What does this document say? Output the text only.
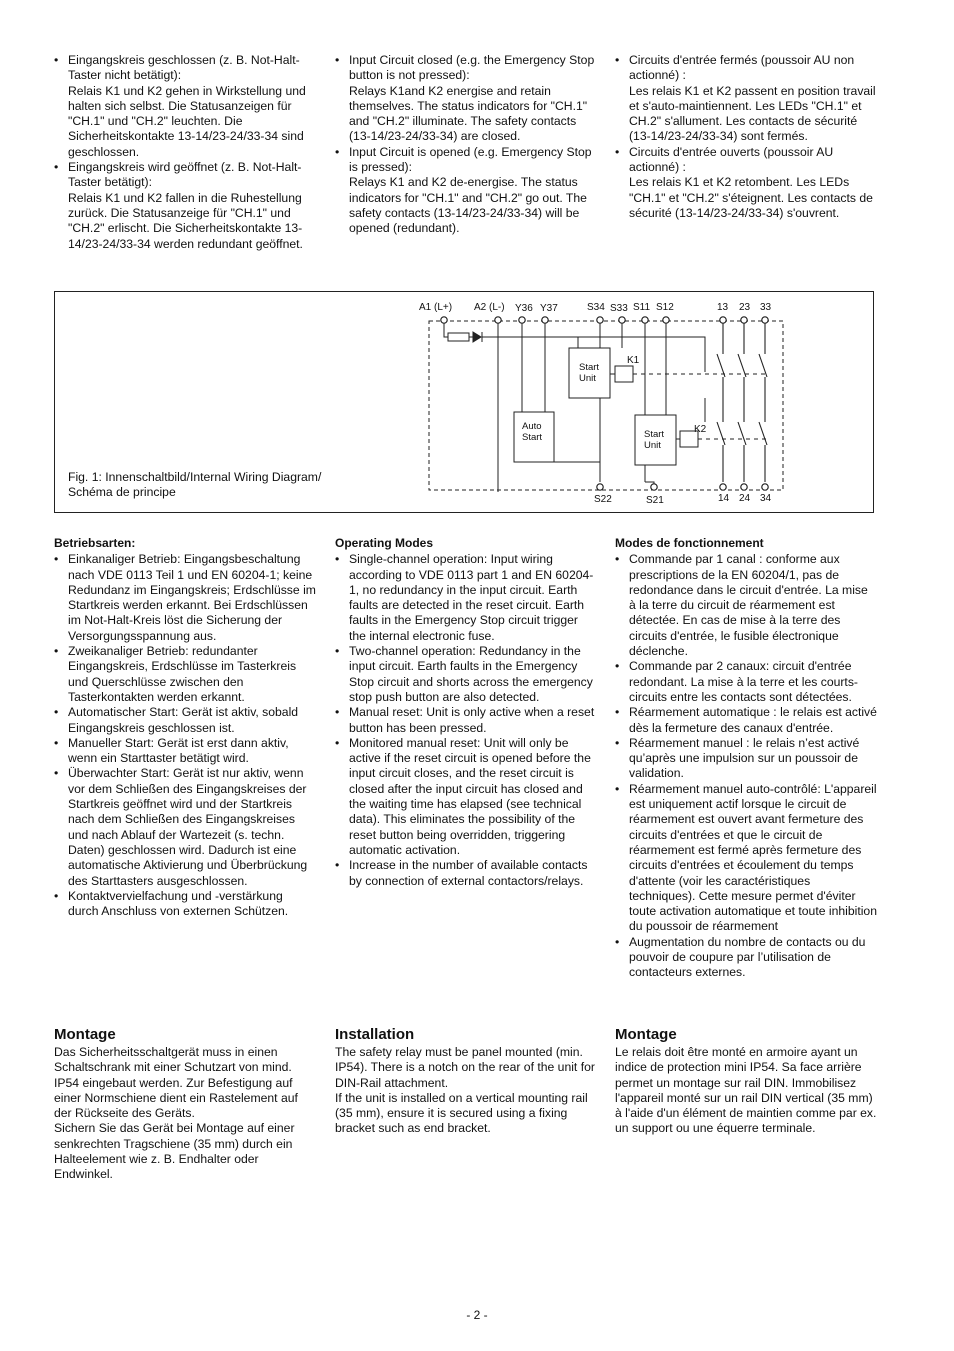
• Eingangskreis geschlossen (z. B. Not-Halt-Taster nicht betätigt):
Relais K1 und K2 gehen in Wirkstellung und halten sich selbst. Die Statusanzeigen für "CH.1" und "CH.2" leuchten. Die Sicherheitskontakte 13-14/23-24/33-34 sind geschlossen.
• Eingangskreis wird geöffnet (z. B. Not-Halt-Taster betätigt):
Relais K1 und K2 fallen in die Ruhestellung zurück. Die Statusanzeige für "CH.1" und "CH.2" erlischt. Die Sicherheitskontakte 13-14/23-24/33-34 werden redundant geöffnet.
• Input Circuit closed (e.g. the Emergency Stop button is not pressed):
Relays K1and K2 energise and retain themselves. The status indicators for "CH.1" and "CH.2" illuminate. The safety contacts (13-14/23-24/33-34) are closed.
• Input Circuit is opened (e.g. Emergency Stop is pressed):
Relays K1 and K2 de-energise. The status indicators for "CH.1" and "CH.2" go out. The safety contacts (13-14/23-24/33-34) will be opened (redundant).
• Circuits d'entrée fermés (poussoir AU non actionné) :
Les relais K1 et K2 passent en position travail et s'auto-maintiennent. Les LEDs "CH.1" et CH.2" s'allument. Les contacts de sécurité (13-14/23-24/33-34) sont fermés.
• Circuits d'entrée ouverts (poussoir AU actionné) :
Les relais K1 et K2 retombent. Les LEDs "CH.1" et "CH.2" s'éteignent. Les contacts de sécurité (13-14/23-24/33-34) s'ouvrent.
Fig. 1: Innenschaltbild/Internal Wiring Diagram/
Schéma de principe
A1 (L+) A2 (L-) Y36 Y37	S34 S33 S11 S12	13 23 33
Start
Unit
K1
Auto
Start	Start
Unit
K2
S22	S21	14 24 34
Betriebsarten:
• Einkanaliger Betrieb: Eingangsbeschaltung nach VDE 0113 Teil 1 und EN 60204-1; keine Redundanz im Eingangskreis; Erdschlüsse im Startkreis werden erkannt. Bei Erdschlüssen im Not-Halt-Kreis löst die Sicherung der Versorgungsspannung aus.
• Zweikanaliger Betrieb: redundanter Eingangskreis, Erdschlüsse im Tasterkreis und Querschlüsse zwischen den Tasterkontakten werden erkannt.
• Automatischer Start: Gerät ist aktiv, sobald Eingangskreis geschlossen ist.
• Manueller Start: Gerät ist erst dann aktiv, wenn ein Starttaster betätigt wird.
• Überwachter Start: Gerät ist nur aktiv, wenn vor dem Schließen des Eingangskreises der Startkreis geöffnet wird und der Startkreis nach dem Schließen des Eingangskreises und nach Ablauf der Wartezeit (s. techn. Daten) geschlossen wird. Dadurch ist eine automatische Aktivierung und Überbrückung des Starttasters ausgeschlossen.
• Kontaktvervielfachung und -verstärkung durch Anschluss von externen Schützen.
Operating Modes
• Single-channel operation: Input wiring according to VDE 0113 part 1 and EN 60204-1, no redundancy in the input circuit. Earth faults are detected in the reset circuit. Earth faults in the Emergency Stop circuit trigger the internal electronic fuse.
• Two-channel operation: Redundancy in the input circuit. Earth faults in the Emergency Stop circuit and shorts across the emergency stop push button are also detected.
• Manual reset: Unit is only active when a reset button has been pressed.
• Monitored manual reset: Unit will only be active if the reset circuit is opened before the input circuit closes, and the reset circuit is closed after the input circuit has closed and the waiting time has elapsed (see technical data). This eliminates the possibility of the reset button being overridden, triggering automatic activation.
• Increase in the number of available contacts by connection of external contactors/relays.
Modes de fonctionnement
• Commande par 1 canal : conforme aux prescriptions de la EN 60204/1, pas de redondance dans le circuit d'entrée. La mise à la terre du circuit de réarmement est détectée. En cas de mise à la terre des circuits d'entrée, le fusible électronique déclenche.
• Commande par 2 canaux: circuit d'entrée redondant. La mise à la terre et les courts-circuits entre les contacts sont détectées.
• Réarmement automatique : le relais est activé dès la fermeture des canaux d'entrée.
• Réarmement manuel : le relais n’est activé qu’après une impulsion sur un poussoir de validation.
• Réarmement manuel auto-contrôlé: L'appareil est uniquement actif lorsque le circuit de réarmement est ouvert avant fermeture des circuits d'entrées et que le circuit de réarmement est fermé après fermeture des circuits d'entrées et écoulement du temps d'attente (voir les caractéristiques techniques). Cette mesure permet d'éviter toute activation automatique et toute inhibition du poussoir de réarmement
• Augmentation du nombre de contacts ou du pouvoir de coupure par l’utilisation de contacteurs externes.
Montage
Das Sicherheitsschaltgerät muss in einen Schaltschrank mit einer Schutzart von mind. IP54 eingebaut werden. Zur Befestigung auf einer Normschiene dient ein Rastelement auf der Rückseite des Geräts.
Sichern Sie das Gerät bei Montage auf einer senkrechten Tragschiene (35 mm) durch ein Halteelement wie z. B. Endhalter oder Endwinkel.
Installation
The safety relay must be panel mounted (min. IP54). There is a notch on the rear of the unit for DIN-Rail attachment.
If the unit is installed on a vertical mounting rail (35 mm), ensure it is secured using a fixing bracket such as end bracket.
Montage
Le relais doit être monté en armoire ayant un indice de protection mini IP54. Sa face arrière permet un montage sur rail DIN. Immobilisez l'appareil monté sur un rail DIN vertical (35 mm) à l'aide d'un élément de maintien comme par ex. un support ou une équerre terminale.
- 2 -
